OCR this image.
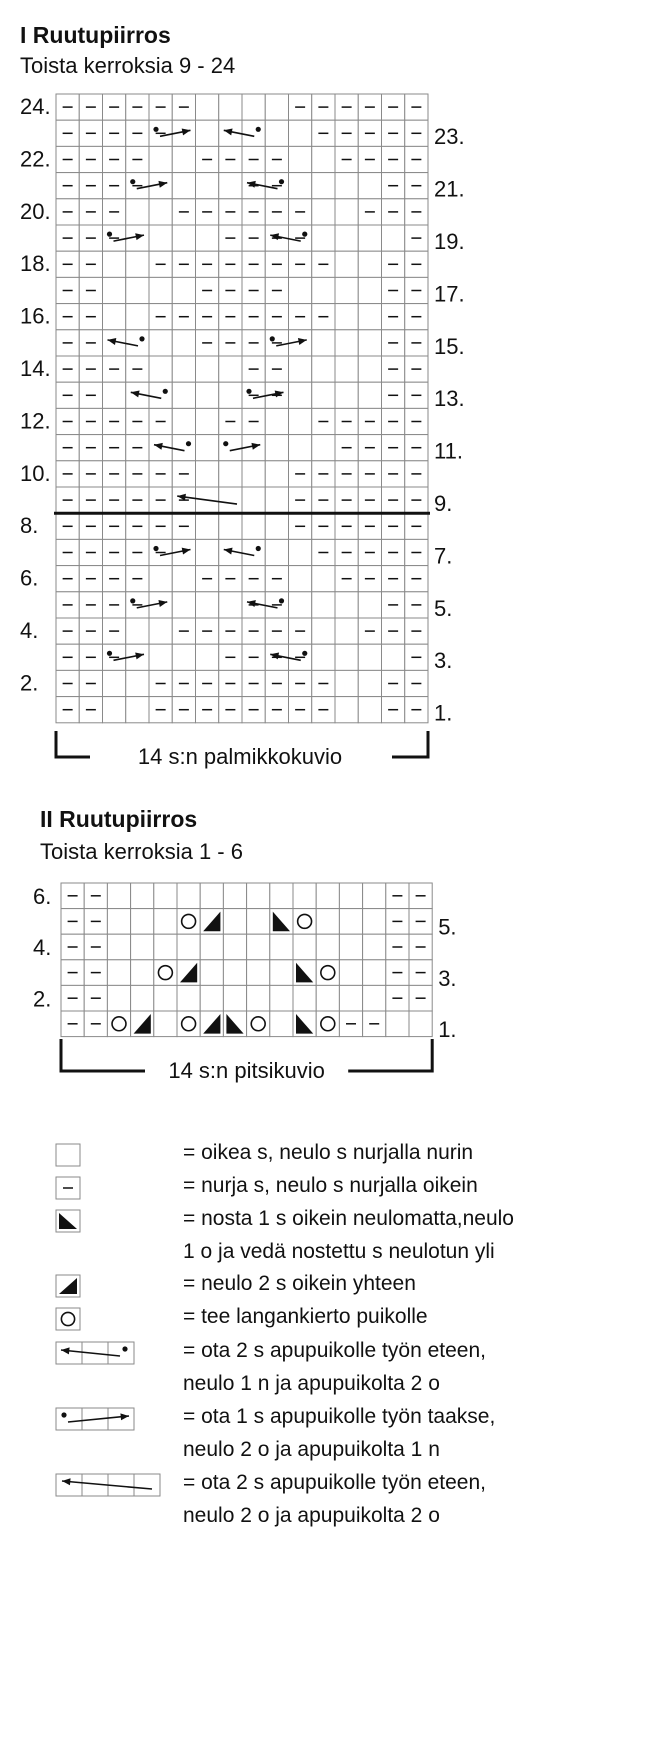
I Ruutupiirros
Toista kerroksia 9 - 24
24.
22.
20.
18.
16.
14.
12.
10.
8.
6.
4.
2.
23.
21.
19.
17.
15.
13.
11.
9.
7.
5.
3.
1.
14 s:n palmikkokuvio
II Ruutupiirros
Toista kerroksia 1 - 6
6.
4.
2.
5.
3.
1.
14 s:n pitsikuvio
= oikea s, neulo s nurjalla nurin
= nurja s, neulo s nurjalla oikein
= nosta 1 s oikein neulomatta,neulo
1 o ja vedä nostettu s neulotun yli
= neulo 2 s oikein yhteen
= tee langankierto puikolle
= ota 2 s apupuikolle työn eteen,
neulo 1 n ja apupuikolta 2 o
= ota 1 s apupuikolle työn taakse,
neulo 2 o ja apupuikolta 1 n
= ota 2 s apupuikolle työn eteen,
neulo 2 o ja apupuikolta 2 o
